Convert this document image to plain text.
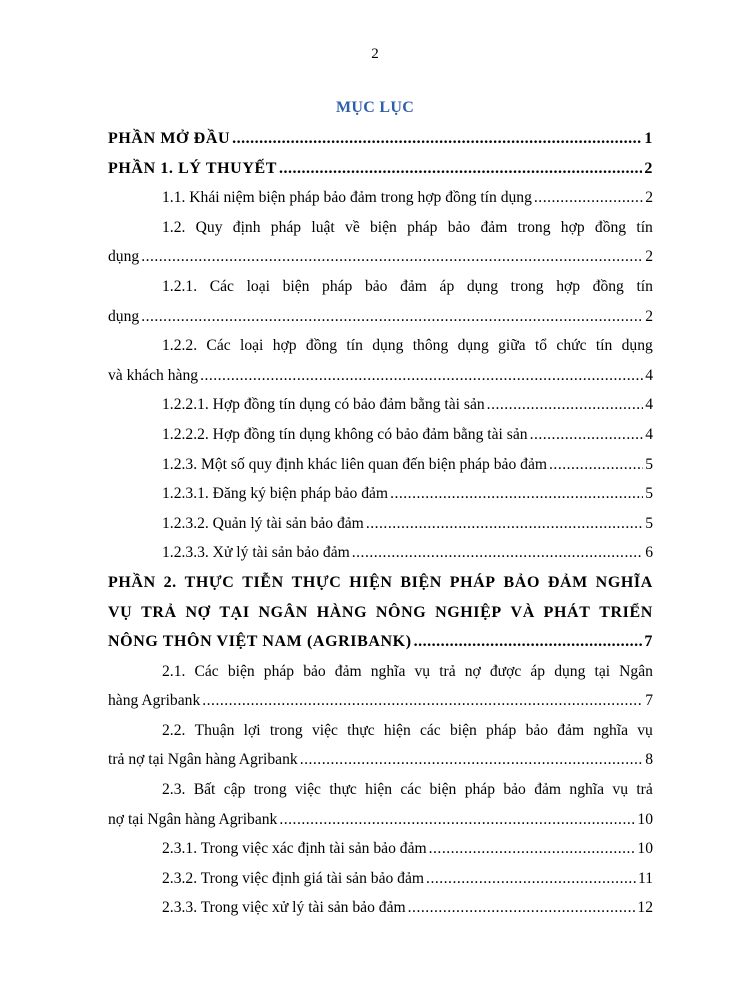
2
MỤC LỤC
PHẦN MỞ ĐẦU .....	1
PHẦN 1. LÝ THUYẾT .....	2
1.1. Khái niệm biện pháp bảo đảm trong hợp đồng tín dụng .....	2
1.2. Quy định pháp luật về biện pháp bảo đảm trong hợp đồng tín
dụng .....	2
1.2.1. Các loại biện pháp bảo đảm áp dụng trong hợp đồng tín
dụng .....	2
1.2.2. Các loại hợp đồng tín dụng thông dụng giữa tổ chức tín dụng
và khách hàng .....	4
1.2.2.1. Hợp đồng tín dụng có bảo đảm bằng tài sản .....	4
1.2.2.2. Hợp đồng tín dụng không có bảo đảm bằng tài sản .....	4
1.2.3. Một số quy định khác liên quan đến biện pháp bảo đảm .....	5
1.2.3.1. Đăng ký biện pháp bảo đảm .....	5
1.2.3.2. Quản lý tài sản bảo đảm .....	5
1.2.3.3. Xử lý tài sản bảo đảm .....	6
PHẦN 2. THỰC TIỄN THỰC HIỆN BIỆN PHÁP BẢO ĐẢM NGHĨA
VỤ TRẢ NỢ TẠI NGÂN HÀNG NÔNG NGHIỆP VÀ PHÁT TRIỂN
NÔNG THÔN VIỆT NAM (AGRIBANK) .....	7
2.1. Các biện pháp bảo đảm nghĩa vụ trả nợ được áp dụng tại Ngân
hàng Agribank .....	7
2.2. Thuận lợi trong việc thực hiện các biện pháp bảo đảm nghĩa vụ
trả nợ tại Ngân hàng Agribank .....	8
2.3. Bất cập trong việc thực hiện các biện pháp bảo đảm nghĩa vụ trả
nợ tại Ngân hàng Agribank .....	10
2.3.1. Trong việc xác định tài sản bảo đảm .....	10
2.3.2. Trong việc định giá tài sản bảo đảm .....	11
2.3.3. Trong việc xử lý tài sản bảo đảm .....	12
